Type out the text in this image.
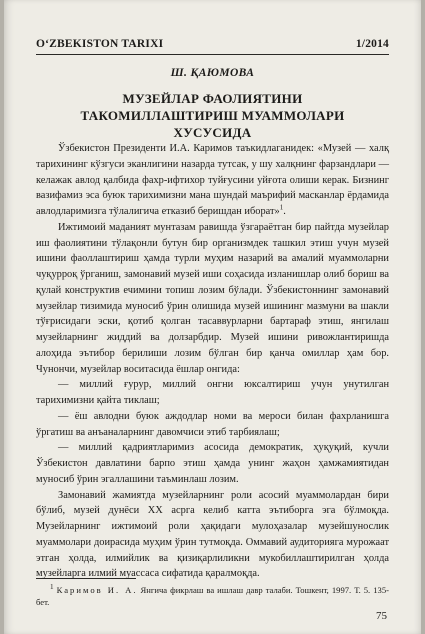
O‘ZBEKISTON TARIXI	1/2014
Ш. ҚАЮМОВА
МУЗЕЙЛАР ФАОЛИЯТИНИ ТАКОМИЛЛАШТИРИШ МУАММОЛАРИ ХУСУСИДА

Ўзбекистон Президенти И.А. Каримов таъкидлаганидек: «Музей — халқ тарихининг кўзгуси эканлигини назарда тутсак, у шу халқнинг фарзандлари — келажак авлод қалбида фахр-ифтихор туйғусини уйғота олиши керак. Бизнинг вазифамиз эса буюк тарихимизни мана шундай маърифий масканлар ёрдамида авлодларимизга тўлалигича етказиб беришдан иборат»$^1$.

Ижтимоий маданият мунтазам равишда ўзгараётган бир пайтда музейлар иш фаолиятини тўлақонли бутун бир организмдек ташкил этиш учун музей ишини фаоллаштириш ҳамда турли муҳим назарий ва амалий муаммоларни чуқурроқ ўрганиш, замонавий музей иши соҳасида изланишлар олиб бориш ва қулай конструктив ечимини топиш лозим бўлади. Ўзбекистоннинг замонавий музейлар тизимида муносиб ўрин олишида музей ишининг мазмуни ва шакли тўғрисидаги эски, қотиб қолган тасаввурларни бартараф этиш, янгилаш музейларнинг жиддий ва долзарбдир. Музей ишини ривожлантиришда алоҳида эътибор берилиши лозим бўлган бир қанча омиллар ҳам бор. Чунончи, музейлар воситасида ёшлар онгида:

— миллий ғурур, миллий онгни юксалтириш учун унутилган тарихимизни қайта тиклаш;

— ёш авлодни буюк аждодлар номи ва мероси билан фахрланишга ўргатиш ва анъаналарнинг давомчиси этиб тарбиялаш;

— миллий қадриятларимиз асосида демократик, ҳуқуқий, кучли Ўзбекистон давлатини барпо этиш ҳамда унинг жаҳон ҳамжамиятидан муносиб ўрин эгаллашини таъминлаш лозим.

Замонавий жамиятда музейларнинг роли асосий муаммолардан бири бўлиб, музей дунёси XX асрга келиб катта эътиборга эга бўлмоқда. Музейларнинг ижтимоий роли ҳақидаги мулоҳазалар музейшунослик муаммолари доирасида муҳим ўрин тутмоқда. Оммавий аудиторияга мурожаат этган ҳолда, илмийлик ва қизиқарлиликни мукобиллаштирилган ҳолда музейларга илмий муассаса сифатида қаралмоқда.

$^1$ Каримов И. А. Янгича фикрлаш ва ишлаш давр талаби. Тошкент, 1997. Т. 5. 135-бет.
75
